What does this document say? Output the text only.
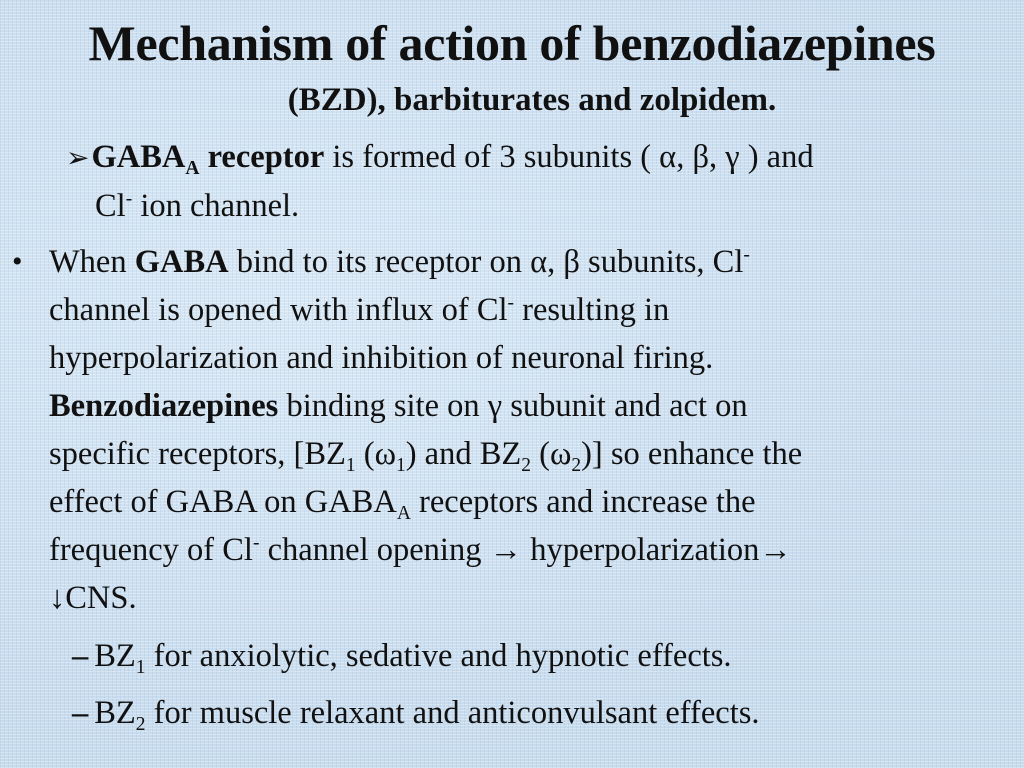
Mechanism of action of benzodiazepines
(BZD), barbiturates and zolpidem.
$➢GABA_A$ receptor is formed of 3 subunits ( α, β, γ ) and
Cl- ion channel.
• When GABA bind to its receptor on α, β subunits, Cl-
channel is opened with influx of Cl- resulting in
hyperpolarization and inhibition of neuronal firing.
Benzodiazepines binding site on γ subunit and act on
specific receptors, [$BZ_1$ $(\omega_1)$ and $BZ_2$ $(\omega_2)$] so enhance the
effect of GABA on $GABA_A$ receptors and increase the
frequency of Cl- channel opening → hyperpolarization→
↓CNS.
– $BZ_1$ for anxiolytic, sedative and hypnotic effects.
– $BZ_2$ for muscle relaxant and anticonvulsant effects.
